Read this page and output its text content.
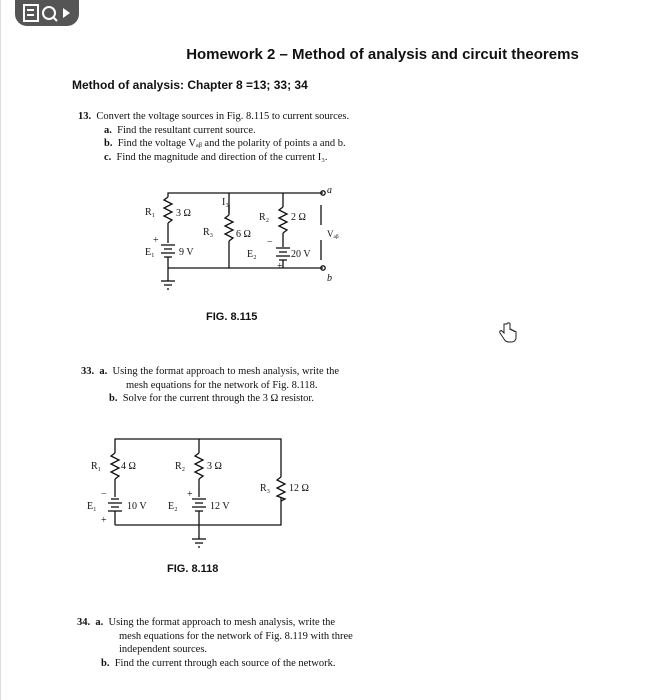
Homework 2 – Method of analysis and circuit theorems
Method of analysis: Chapter 8 =13; 33; 34
13. Convert the voltage sources in Fig. 8.115 to current sources.
a. Find the resultant current source.
b. Find the voltage Vₐᵦ and the polarity of points a and b.
c. Find the magnitude and direction of the current I₃.
R₁ 3 Ω
I₃
R₃ 6 Ω
R₂ 2 Ω
+
E₁ 9 V
−
E₂	20 V
+
a
b
Vₐᵦ
FIG. 8.115
33. a. Using the format approach to mesh analysis, write the
mesh equations for the network of Fig. 8.118.
b. Solve for the current through the 3 Ω resistor.
R₁ 4 Ω	R₂ 3 Ω
R₃ 12 Ω
−
E₁	10 V
+
+
E₂	12 V
FIG. 8.118
34. a. Using the format approach to mesh analysis, write the
mesh equations for the network of Fig. 8.119 with three
independent sources.
b. Find the current through each source of the network.
